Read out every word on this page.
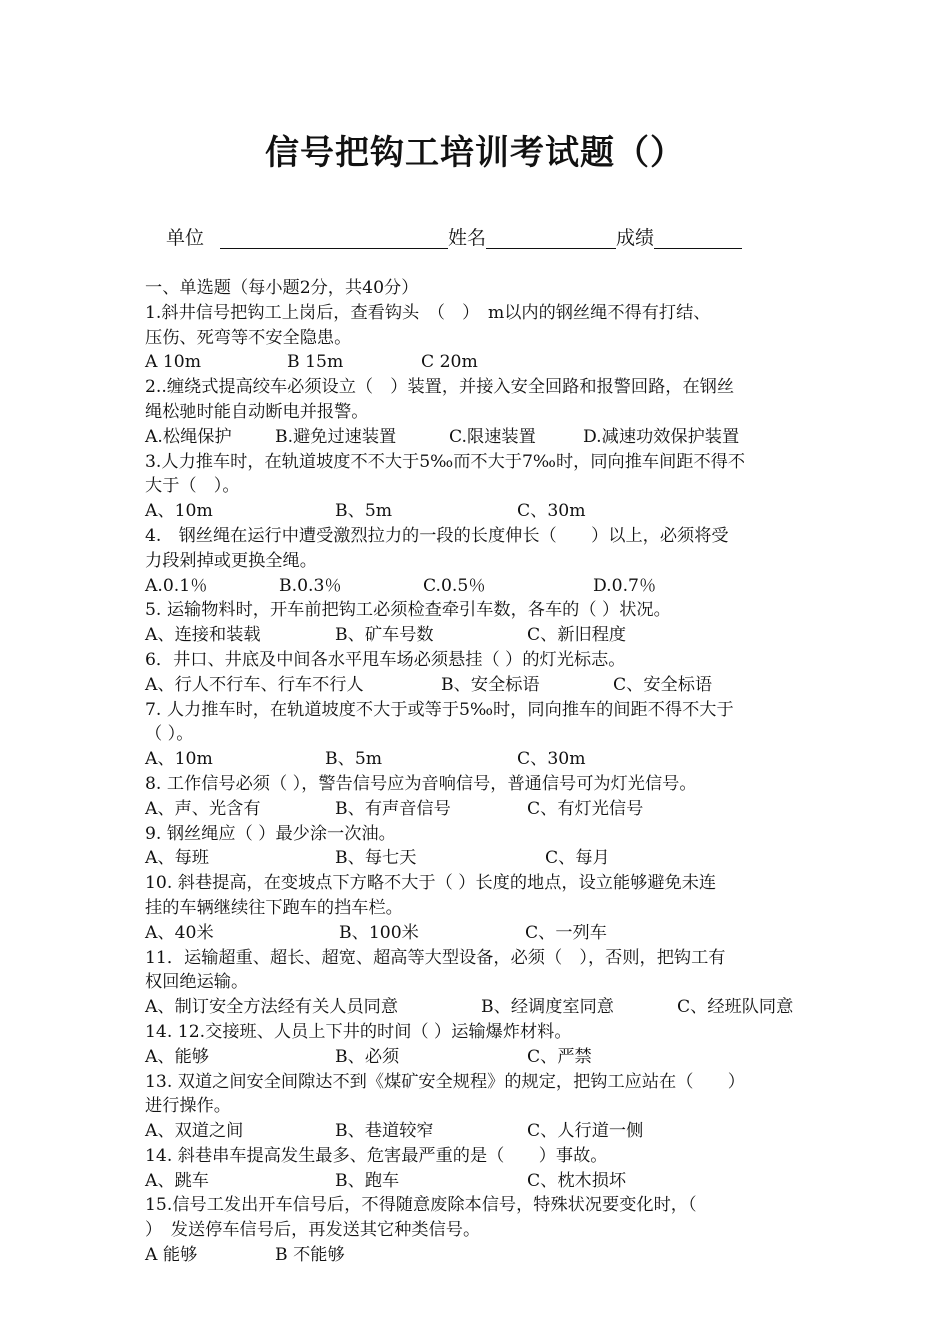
信号把钩工培训考试题（）
单位	姓名	成绩
一、单选题（每小题2分，共40分）
1.斜井信号把钩工上岗后，查看钩头　（　）　m以内的钢丝绳不得有打结、
压伤、死弯等不安全隐患。
A 10m	B 15m	C 20m
2..缠绕式提高绞车必须设立（　）装置，并接入安全回路和报警回路，在钢丝
绳松驰时能自动断电并报警。
A.松绳保护	B.避免过速装置	C.限速装置	D.减速功效保护装置
3.人力推车时，在轨道坡度不不大于5‰而不大于7‰时，同向推车间距不得不
大于（　）。
A、10m	B、5m	C、30m
4.　钢丝绳在运行中遭受激烈拉力的一段的长度伸长（　　）以上，必须将受
力段剁掉或更换全绳。
A.0.1％	B.0.3％	C.0.5％	D.0.7％
5. 运输物料时，开车前把钩工必须检查牵引车数，各车的（ ）状况。
A、连接和装载	B、矿车号数	C、新旧程度
6．井口、井底及中间各水平甩车场必须悬挂（ ）的灯光标志。
A、行人不行车、行车不行人	B、安全标语	C、安全标语
7. 人力推车时，在轨道坡度不大于或等于5‰时，同向推车的间距不得不大于
（ ）。
A、10m	B、5m	C、30m
8. 工作信号必须（ ），警告信号应为音响信号，普通信号可为灯光信号。
A、声、光含有	B、有声音信号	C、有灯光信号
9. 钢丝绳应（ ）最少涂一次油。
A、每班	B、每七天	C、每月
10. 斜巷提高，在变坡点下方略不大于（ ）长度的地点，设立能够避免未连
挂的车辆继续往下跑车的挡车栏。
A、40米	B、100米	C、一列车
11．运输超重、超长、超宽、超高等大型设备，必须（　），否则，把钩工有
权回绝运输。
A、制订安全方法经有关人员同意	B、经调度室同意	C、经班队同意
14. 12.交接班、人员上下井的时间（ ）运输爆炸材料。
A、能够	B、必须	C、严禁
13. 双道之间安全间隙达不到《煤矿安全规程》的规定，把钩工应站在（　　）
进行操作。
A、双道之间	B、巷道较窄	C、人行道一侧
14. 斜巷串车提高发生最多、危害最严重的是（　　）事故。
A、跳车	B、跑车	C、枕木损坏
15.信号工发出开车信号后，不得随意废除本信号，特殊状况要变化时，（
）　发送停车信号后，再发送其它种类信号。
A 能够	B 不能够
